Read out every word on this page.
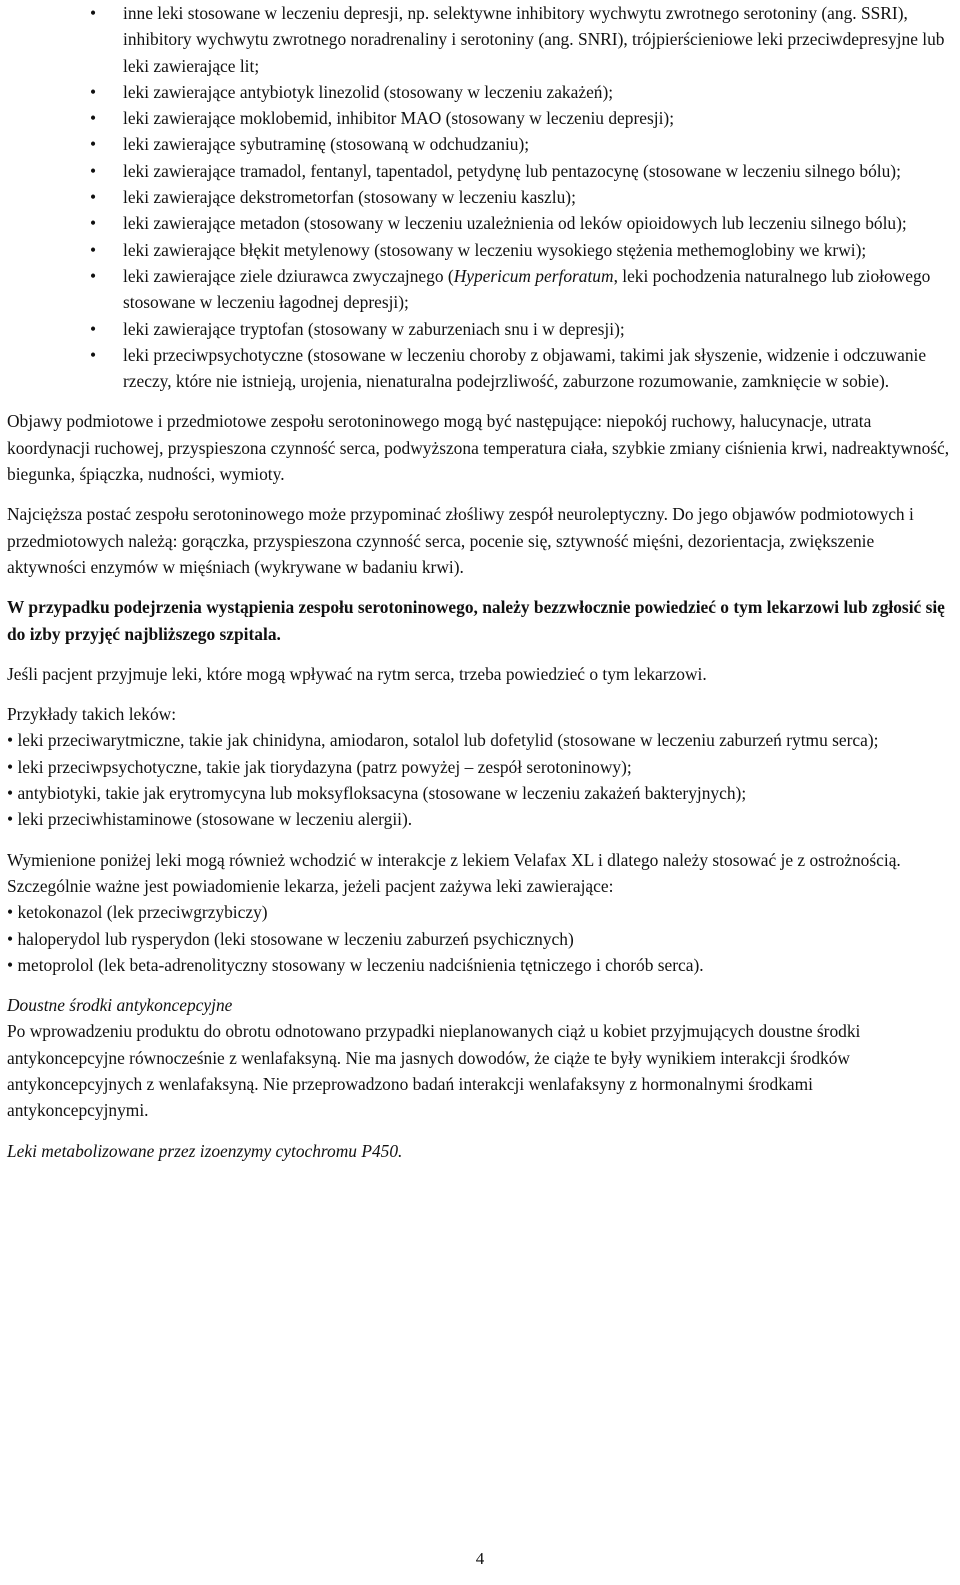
• inne leki stosowane w leczeniu depresji, np. selektywne inhibitory wychwytu zwrotnego serotoniny (ang. SSRI), inhibitory wychwytu zwrotnego noradrenaliny i serotoniny (ang. SNRI), trójpierścieniowe leki przeciwdepresyjne lub leki zawierające lit;
• leki zawierające antybiotyk linezolid (stosowany w leczeniu zakażeń);
• leki zawierające moklobemid, inhibitor MAO (stosowany w leczeniu depresji);
• leki zawierające sybutraminę (stosowaną w odchudzaniu);
• leki zawierające tramadol, fentanyl, tapentadol, petydynę lub pentazocynę (stosowane w leczeniu silnego bólu);
• leki zawierające dekstrometorfan (stosowany w leczeniu kaszlu);
• leki zawierające metadon (stosowany w leczeniu uzależnienia od leków opioidowych lub leczeniu silnego bólu);
• leki zawierające błękit metylenowy (stosowany w leczeniu wysokiego stężenia methemoglobiny we krwi);
• leki zawierające ziele dziurawca zwyczajnego (Hypericum perforatum, leki pochodzenia naturalnego lub ziołowego stosowane w leczeniu łagodnej depresji);
• leki zawierające tryptofan (stosowany w zaburzeniach snu i w depresji);
• leki przeciwpsychotyczne (stosowane w leczeniu choroby z objawami, takimi jak słyszenie, widzenie i odczuwanie rzeczy, które nie istnieją, urojenia, nienaturalna podejrzliwość, zaburzone rozumowanie, zamknięcie w sobie).

Objawy podmiotowe i przedmiotowe zespołu serotoninowego mogą być następujące: niepokój ruchowy, halucynacje, utrata koordynacji ruchowej, przyspieszona czynność serca, podwyższona temperatura ciała, szybkie zmiany ciśnienia krwi, nadreaktywność, biegunka, śpiączka, nudności, wymioty.

Najcięższa postać zespołu serotoninowego może przypominać złośliwy zespół neuroleptyczny. Do jego objawów podmiotowych i przedmiotowych należą: gorączka, przyspieszona czynność serca, pocenie się, sztywność mięśni, dezorientacja, zwiększenie aktywności enzymów w mięśniach (wykrywane w badaniu krwi).

W przypadku podejrzenia wystąpienia zespołu serotoninowego, należy bezzwłocznie powiedzieć o tym lekarzowi lub zgłosić się do izby przyjęć najbliższego szpitala.

Jeśli pacjent przyjmuje leki, które mogą wpływać na rytm serca, trzeba powiedzieć o tym lekarzowi.

Przykłady takich leków:

• leki przeciwarytmiczne, takie jak chinidyna, amiodaron, sotalol lub dofetylid (stosowane w leczeniu zaburzeń rytmu serca);

• leki przeciwpsychotyczne, takie jak tiorydazyna (patrz powyżej – zespół serotoninowy);

• antybiotyki, takie jak erytromycyna lub moksyfloksacyna (stosowane w leczeniu zakażeń bakteryjnych);

• leki przeciwhistaminowe (stosowane w leczeniu alergii).

Wymienione poniżej leki mogą również wchodzić w interakcje z lekiem Velafax XL i dlatego należy stosować je z ostrożnością. Szczególnie ważne jest powiadomienie lekarza, jeżeli pacjent zażywa leki zawierające:

• ketokonazol (lek przeciwgrzybiczy)

• haloperydol lub rysperydon (leki stosowane w leczeniu zaburzeń psychicznych)

• metoprolol (lek beta-adrenolityczny stosowany w leczeniu nadciśnienia tętniczego i chorób serca).

Doustne środki antykoncepcyjne

Po wprowadzeniu produktu do obrotu odnotowano przypadki nieplanowanych ciąż u kobiet przyjmujących doustne środki antykoncepcyjne równocześnie z wenlafaksyną. Nie ma jasnych dowodów, że ciąże te były wynikiem interakcji środków antykoncepcyjnych z wenlafaksyną. Nie przeprowadzono badań interakcji wenlafaksyny z hormonalnymi środkami antykoncepcyjnymi.

Leki metabolizowane przez izoenzymy cytochromu P450.

4
